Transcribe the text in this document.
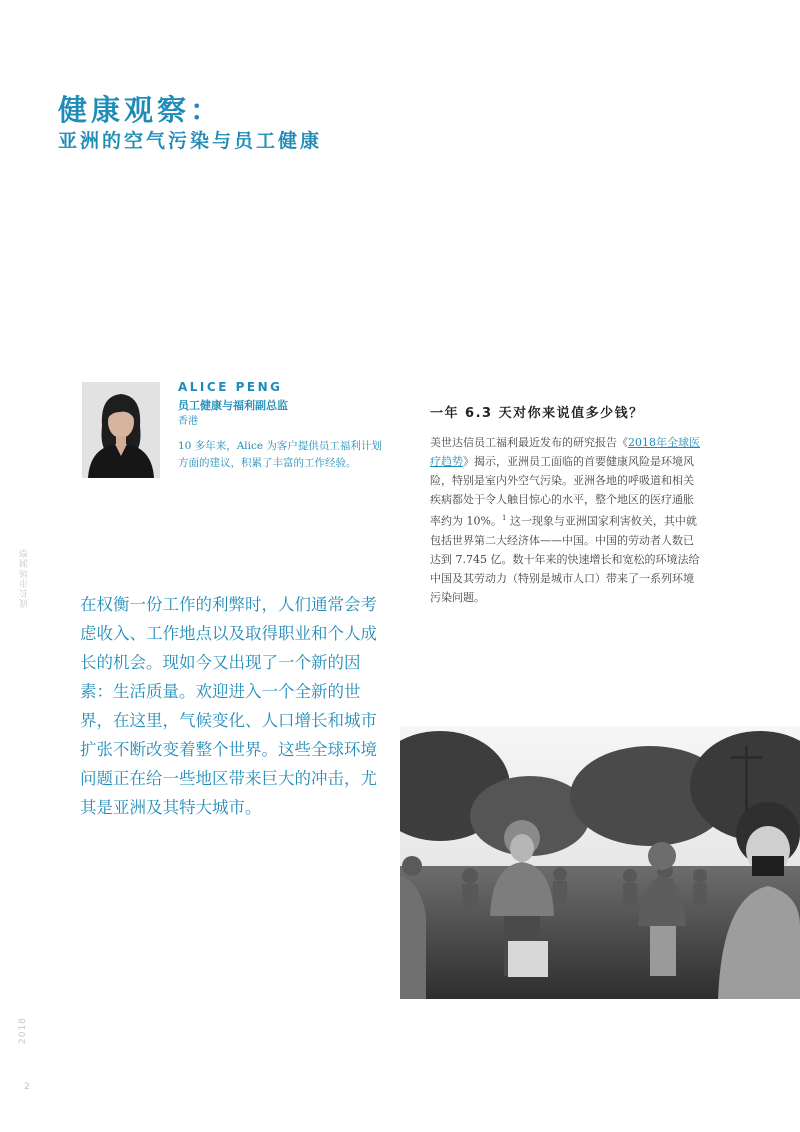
健康观察：
亚洲的空气污染与员工健康
成长市场洞察
2018
2
ALICE PENG
员工健康与福利副总监
香港

10 多年来，Alice 为客户提供员工福利计划方面的建议，积累了丰富的工作经验。

一年 6.3 天对你来说值多少钱？

美世达信员工福利最近发布的研究报告《2018年全球医疗趋势》揭示，亚洲员工面临的首要健康风险是环境风险，特别是室内外空气污染。亚洲各地的呼吸道和相关疾病都处于令人触目惊心的水平，整个地区的医疗通胀率约为 10%。$^1$ 这一现象与亚洲国家利害攸关，其中就包括世界第二大经济体——中国。中国的劳动者人数已达到 7.745 亿。数十年来的快速增长和宽松的环境法给中国及其劳动力（特别是城市人口）带来了一系列环境污染问题。

在权衡一份工作的利弊时，人们通常会考虑收入、工作地点以及取得职业和个人成长的机会。现如今又出现了一个新的因素：生活质量。欢迎进入一个全新的世界，在这里，气候变化、人口增长和城市扩张不断改变着整个世界。这些全球环境问题正在给一些地区带来巨大的冲击，尤其是亚洲及其特大城市。
